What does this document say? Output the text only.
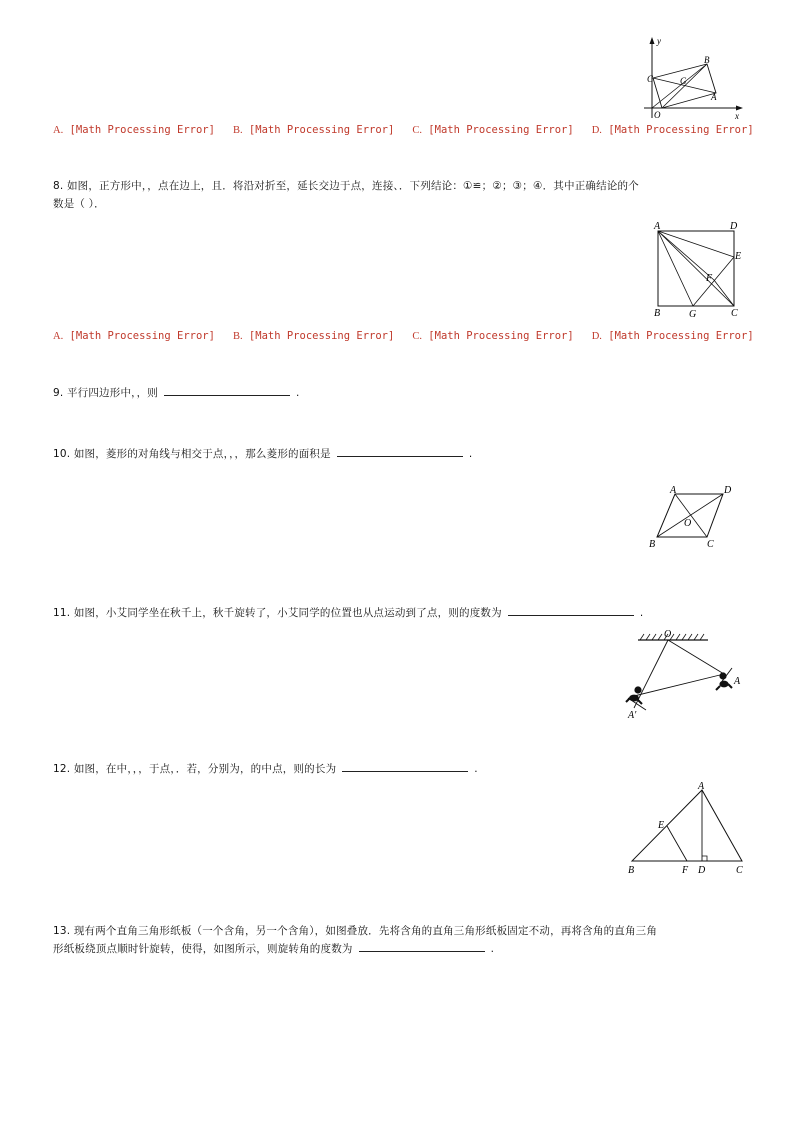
y
B
C	G
A
O	x
A. [Math Processing Error] B. [Math Processing Error] C. [Math Processing Error] D. [Math Processing Error]
8. 如图，正方形中，，点在边上，且．将沿对折至，延长交边于点，连接、．下列结论：①≌；②；③；④．其中正确结论的个
数是（ ）．
A	D
E
F
B	G	C
A. [Math Processing Error] B. [Math Processing Error] C. [Math Processing Error] D. [Math Processing Error]
9. 平行四边形中，，则	.
10. 如图，菱形的对角线与相交于点，，，那么菱形的面积是	.
A	D
O
B	C
11. 如图，小艾同学坐在秋千上，秋千旋转了，小艾同学的位置也从点运动到了点，则的度数为	.
O
A
A′
12. 如图，在中，，，于点，．若，分别为，的中点，则的长为	.
A
E
B	F D	C
13. 现有两个直角三角形纸板（一个含角，另一个含角），如图叠放．先将含角的直角三角形纸板固定不动，再将含角的直角三角
形纸板绕顶点顺时针旋转，使得，如图所示，则旋转角的度数为	.
